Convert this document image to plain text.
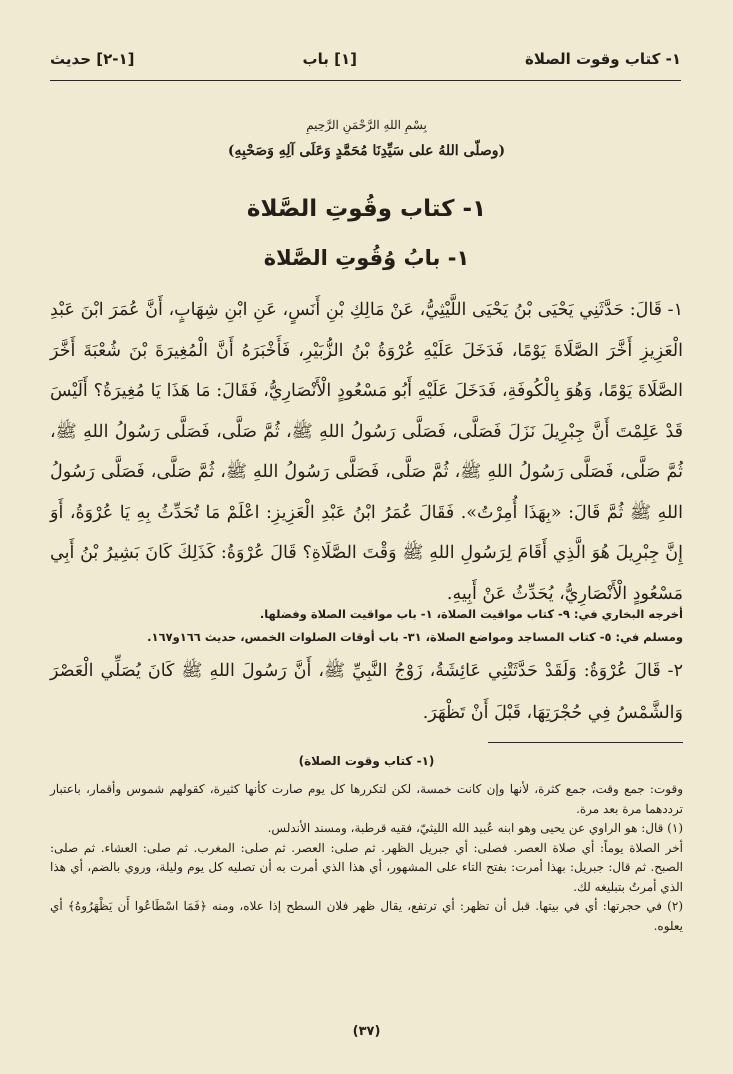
١- كتاب وقوت الصلاة
[١] باب
[١-٢] حديث
بِسْمِ اللهِ الرَّحْمَنِ الرَّحِيمِ
(وصلّى اللهُ على سَيِّدِنَا مُحَمَّدٍ وَعَلَى آلِهِ وَصَحْبِهِ)
١- كتاب وقُوتِ الصَّلاة
١- بابُ وُقُوتِ الصَّلاة
١- قَالَ: حَدَّثَنِي يَحْيَى بْنُ يَحْيَى اللَّيْثِيُّ، عَنْ مَالِكِ بْنِ أَنَسٍ، عَنِ ابْنِ شِهَابٍ، أَنَّ عُمَرَ ابْنَ عَبْدِ الْعَزِيزِ أَخَّرَ الصَّلَاةَ يَوْمًا، فَدَخَلَ عَلَيْهِ عُرْوَةُ بْنُ الزُّبَيْرِ، فَأَخْبَرَهُ أَنَّ الْمُغِيرَةَ بْنَ شُعْبَةَ أَخَّرَ الصَّلَاةَ يَوْمًا، وَهُوَ بِالْكُوفَةِ، فَدَخَلَ عَلَيْهِ أَبُو مَسْعُودٍ الْأَنْصَارِيُّ، فَقَالَ: مَا هَذَا يَا مُغِيرَةُ؟ أَلَيْسَ قَدْ عَلِمْتَ أَنَّ جِبْرِيلَ نَزَلَ فَصَلَّى، فَصَلَّى رَسُولُ اللهِ ﷺ، ثُمَّ صَلَّى، فَصَلَّى رَسُولُ اللهِ ﷺ، ثُمَّ صَلَّى، فَصَلَّى رَسُولُ اللهِ ﷺ، ثُمَّ صَلَّى، فَصَلَّى رَسُولُ اللهِ ﷺ، ثُمَّ صَلَّى، فَصَلَّى رَسُولُ اللهِ ﷺ ثُمَّ قَالَ: «بِهَذَا أُمِرْتُ». فَقَالَ عُمَرُ ابْنُ عَبْدِ الْعَزِيزِ: اعْلَمْ مَا تُحَدِّثُ بِهِ يَا عُرْوَةُ، أَوَ إِنَّ جِبْرِيلَ هُوَ الَّذِي أَقَامَ لِرَسُولِ اللهِ ﷺ وَقْتَ الصَّلَاةِ؟ قَالَ عُرْوَةُ: كَذَلِكَ كَانَ بَشِيرُ بْنُ أَبِي مَسْعُودٍ الْأَنْصَارِيُّ، يُحَدِّثُ عَنْ أَبِيهِ.
أخرجه البخاري في: ٩- كتاب مواقيت الصلاة، ١- باب مواقيت الصلاة وفضلها.
ومسلم في: ٥- كتاب المساجد ومواضع الصلاة، ٣١- باب أوقات الصلوات الخمس، حديث ١٦٦و١٦٧.
٢- قَالَ عُرْوَةُ: وَلَقَدْ حَدَّثَتْنِي عَائِشَةُ، زَوْجُ النَّبِيِّ ﷺ، أَنَّ رَسُولَ اللهِ ﷺ كَانَ يُصَلِّي الْعَصْرَ وَالشَّمْسُ فِي حُجْرَتِهَا، قَبْلَ أَنْ تَظْهَرَ.
(١- كتاب وقوت الصلاة)

وقوت: جمع وقت، جمع كثرة، لأنها وإن كانت خمسة، لكن لتكررها كل يوم صارت كأنها كثيرة، كقولهم شموس وأقمار، باعتبار ترددهما مرة بعد مرة.

(١) قال: هو الراوي عن يحيى وهو ابنه عُبيد الله الليثيّ، فقيه قرطبة، ومسند الأندلس.

أخر الصلاة يوماً: أي صلاة العصر. فصلى: أي جبريل الظهر. ثم صلى: العصر. ثم صلى: المغرب. ثم صلى: العشاء. ثم صلى: الصبح. ثم قال: جبريل: بهذا أمرت: بفتح التاء على المشهور، أي هذا الذي أمرت به أن تصليه كل يوم وليلة، وروي بالضم، أي هذا الذي أمرتُ بتبليغه لك.

(٢) في حجرتها: أي في بيتها. قبل أن تظهر: أي ترتفع، يقال ظهر فلان السطح إذا علاه، ومنه ﴿فَمَا اسْطَاعُوا أَن يَظْهَرُوهُ﴾ أي يعلوه.

(٣٧)
